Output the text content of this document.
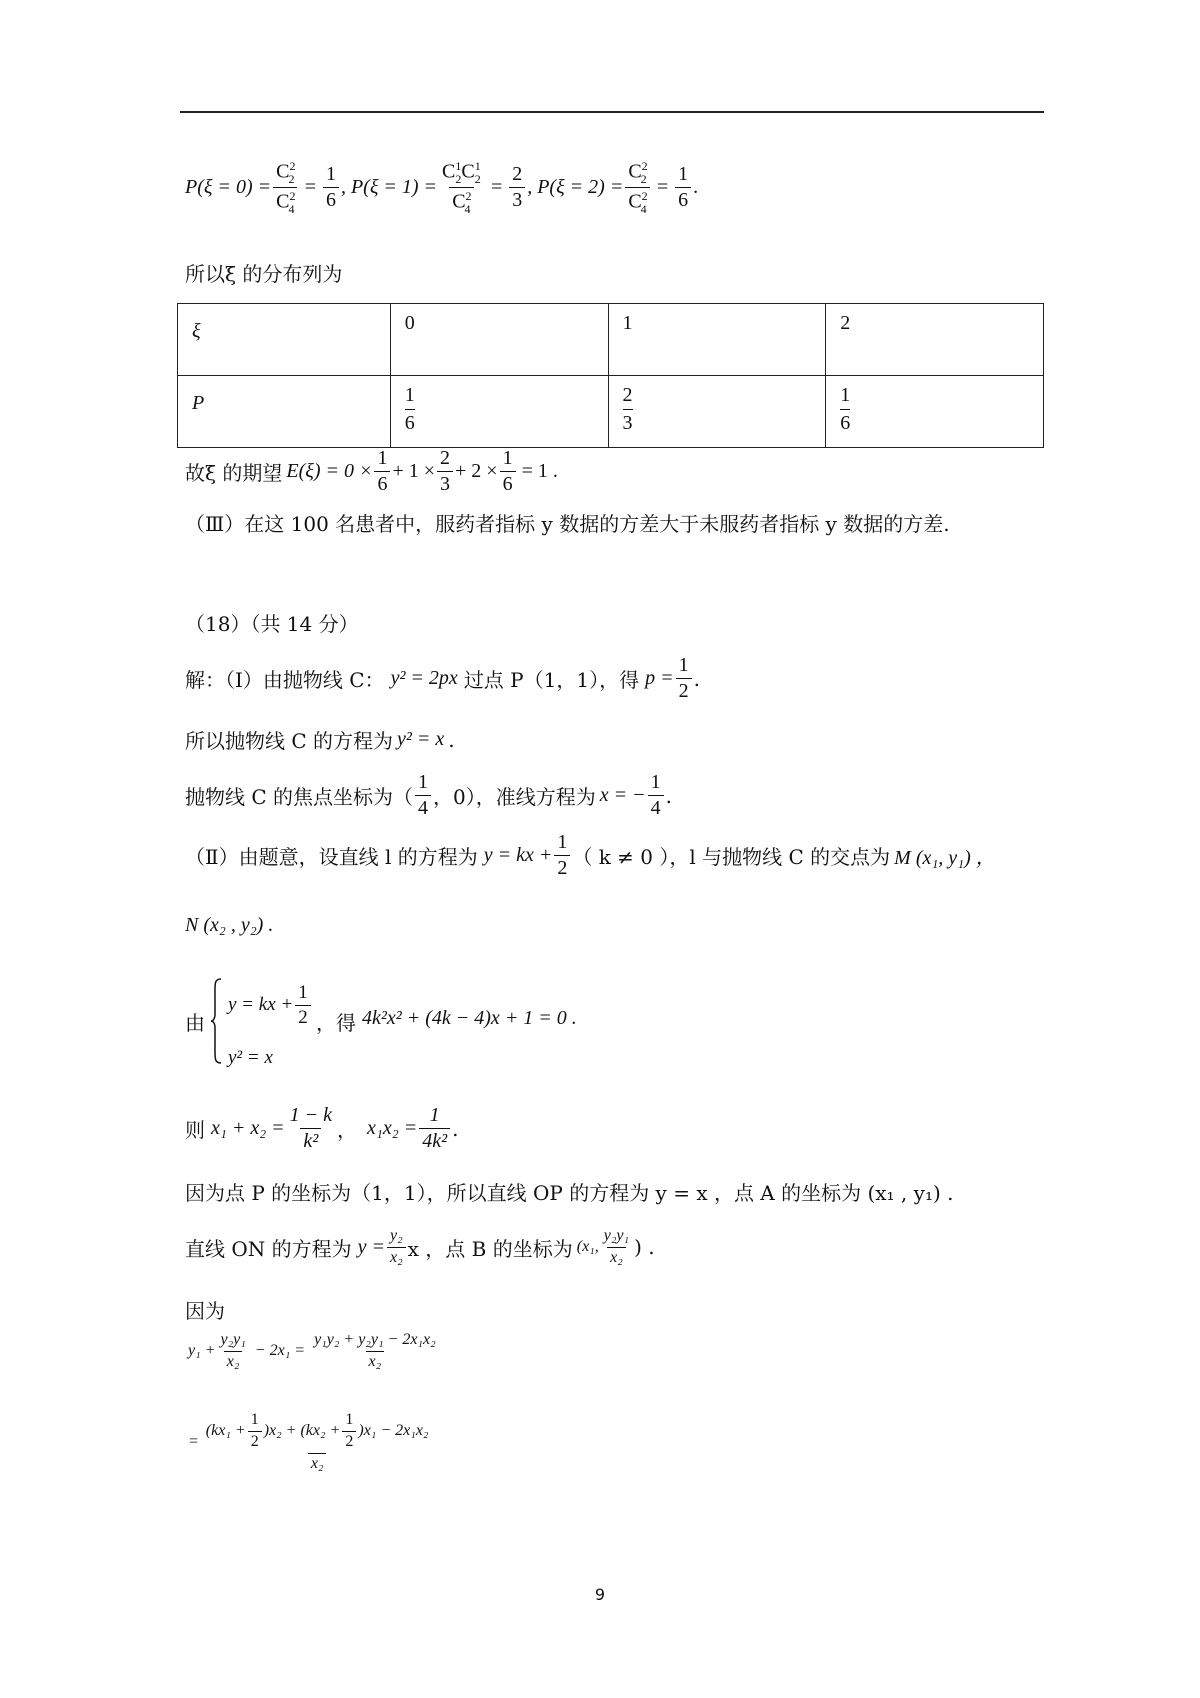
$P(\xi = 0) = \frac{C^2_2}{C^2_4} = \frac{1}{6}$ , $P(\xi = 1) = \frac{C^1_2C^1_2}{C^2_4} = \frac{2}{3}$ , $P(\xi = 2) = \frac{C^2_2}{C^2_4} = \frac{1}{6}$ .
所以ξ 的分布列为
ξ	0	1	2
P	$\frac{1}{6}$	$\frac{2}{3}$	$\frac{1}{6}$
故ξ 的期望 $E(\xi) = 0 \times \frac{1}{6} + 1 \times \frac{2}{3} + 2 \times \frac{1}{6} = 1$ .
（Ⅲ）在这 100 名患者中，服药者指标 y 数据的方差大于未服药者指标 y 数据的方差.
（18）（共 14 分）
解：（Ⅰ）由抛物线 C： y² = 2px 过点 P（1，1），得 $p = \frac{1}{2}$ .
所以抛物线 C 的方程为 y² = x .
抛物线 C 的焦点坐标为（ $\frac{1}{4}$ ，0），准线方程为 x = − $\frac{1}{4}$ .
（Ⅱ）由题意，设直线 l 的方程为 y = kx + $\frac{1}{2}$ （ k ≠ 0 ），l 与抛物线 C 的交点为 M (x₁, y₁) ，
N (x₂ , y₂) .
由
y = kx + $\frac{1}{2}$
y² = x
，得 4k²x² + (4k − 4)x + 1 = 0 .
则 $x_1 + x_2 = \frac{1 - k}{\text{k²}}$ ， $x_1x_2 = \frac{1}{\text{4k²}}$ .
因为点 P 的坐标为（1，1），所以直线 OP 的方程为 y = x ，点 A 的坐标为 (x₁ , y₁) .
直线 ON 的方程为 $y = \frac{\text{y₂}}{\text{x₂}}$ x ，点 B 的坐标为 (x₁, $\frac{\text{y₂y₁}}{\text{x₂}}$ ) .
因为
$y_1 + \frac{\text{y₂y₁}}{\text{x₂}} - 2x_1 = \frac{\text{y₁y₂ + y₂y₁ − 2x₁x₂}}{\text{x₂}}$
=
$(kx_1 + \frac{1}{2} )x_2 + (kx_2 + \frac{1}{2} )x_1 - 2x_1x_2$
x₂
9
